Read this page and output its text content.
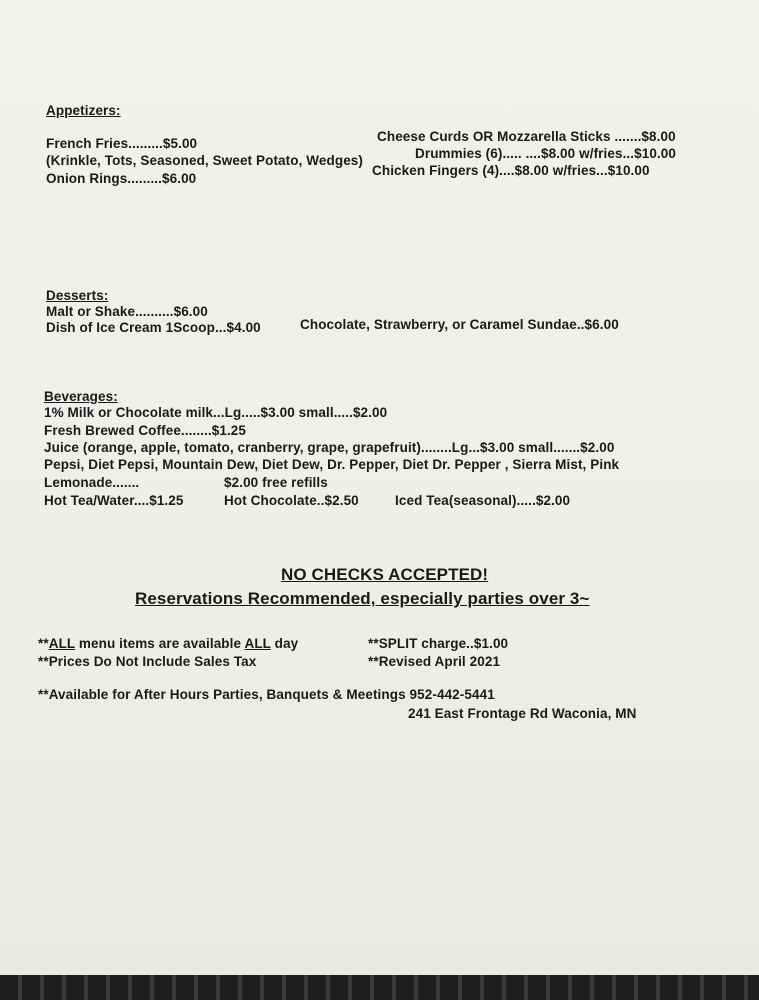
Appetizers:
French Fries.........$5.00
(Krinkle, Tots, Seasoned, Sweet Potato, Wedges)
Onion Rings.........$6.00
Cheese Curds OR Mozzarella Sticks .......$8.00
Drummies (6)..... ....$8.00 w/fries...$10.00
Chicken Fingers (4)....$8.00 w/fries...$10.00
Desserts:
Malt or Shake..........$6.00
Dish of Ice Cream 1Scoop...$4.00	Chocolate, Strawberry, or Caramel Sundae..$6.00
Beverages:
1% Milk or Chocolate milk...Lg.....$3.00 small.....$2.00
Fresh Brewed Coffee........$1.25
Juice (orange, apple, tomato, cranberry, grape, grapefruit)........Lg...$3.00 small.......$2.00
Pepsi, Diet Pepsi, Mountain Dew, Diet Dew, Dr. Pepper, Diet Dr. Pepper , Sierra Mist, Pink
Lemonade.......	$2.00 free refills
Hot Tea/Water....$1.25	Hot Chocolate..$2.50	Iced Tea(seasonal).....$2.00
NO CHECKS ACCEPTED!
Reservations Recommended, especially parties over 3~
**ALL menu items are available ALL day
**Prices Do Not Include Sales Tax
**SPLIT charge..$1.00
**Revised April 2021
**Available for After Hours Parties, Banquets & Meetings 952-442-5441
241 East Frontage Rd Waconia, MN
